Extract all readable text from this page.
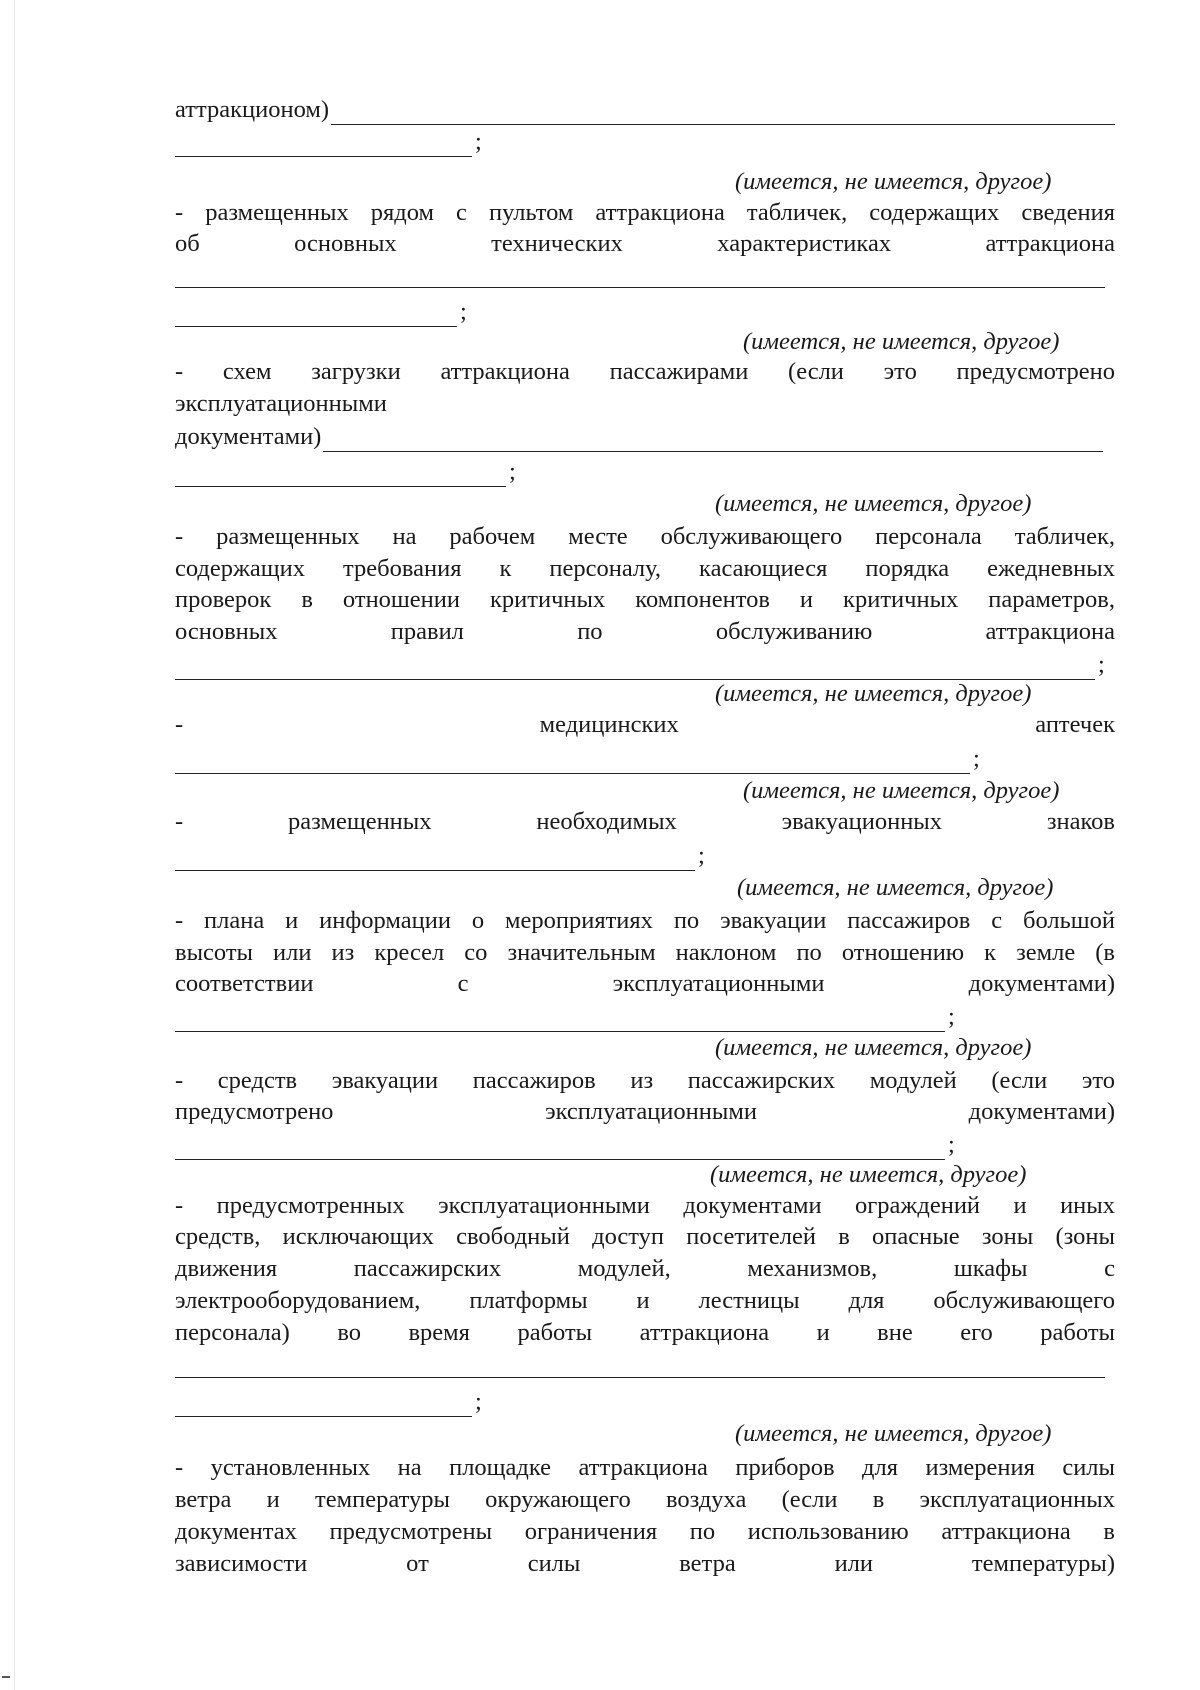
аттракционом)
;
(имеется, не имеется, другое)
- размещенных рядом с пультом аттракциона табличек, содержащих сведения
об основных технических характеристиках аттракциона
;
(имеется, не имеется, другое)
- схем загрузки аттракциона пассажирами (если это предусмотрено
эксплуатационными
документами)
;
(имеется, не имеется, другое)
- размещенных на рабочем месте обслуживающего персонала табличек,
содержащих требования к персоналу, касающиеся порядка ежедневных
проверок в отношении критичных компонентов и критичных параметров,
основных правил по обслуживанию аттракциона
;
(имеется, не имеется, другое)
- медицинских аптечек
;
(имеется, не имеется, другое)
- размещенных необходимых эвакуационных знаков
;
(имеется, не имеется, другое)
- плана и информации о мероприятиях по эвакуации пассажиров с большой
высоты или из кресел со значительным наклоном по отношению к земле (в
соответствии с эксплуатационными документами)
;
(имеется, не имеется, другое)
- средств эвакуации пассажиров из пассажирских модулей (если это
предусмотрено эксплуатационными документами)
;
(имеется, не имеется, другое)
- предусмотренных эксплуатационными документами ограждений и иных
средств, исключающих свободный доступ посетителей в опасные зоны (зоны
движения пассажирских модулей, механизмов, шкафы с
электрооборудованием, платформы и лестницы для обслуживающего
персонала) во время работы аттракциона и вне его работы
;
(имеется, не имеется, другое)
- установленных на площадке аттракциона приборов для измерения силы
ветра и температуры окружающего воздуха (если в эксплуатационных
документах предусмотрены ограничения по использованию аттракциона в
зависимости от силы ветра или температуры)
